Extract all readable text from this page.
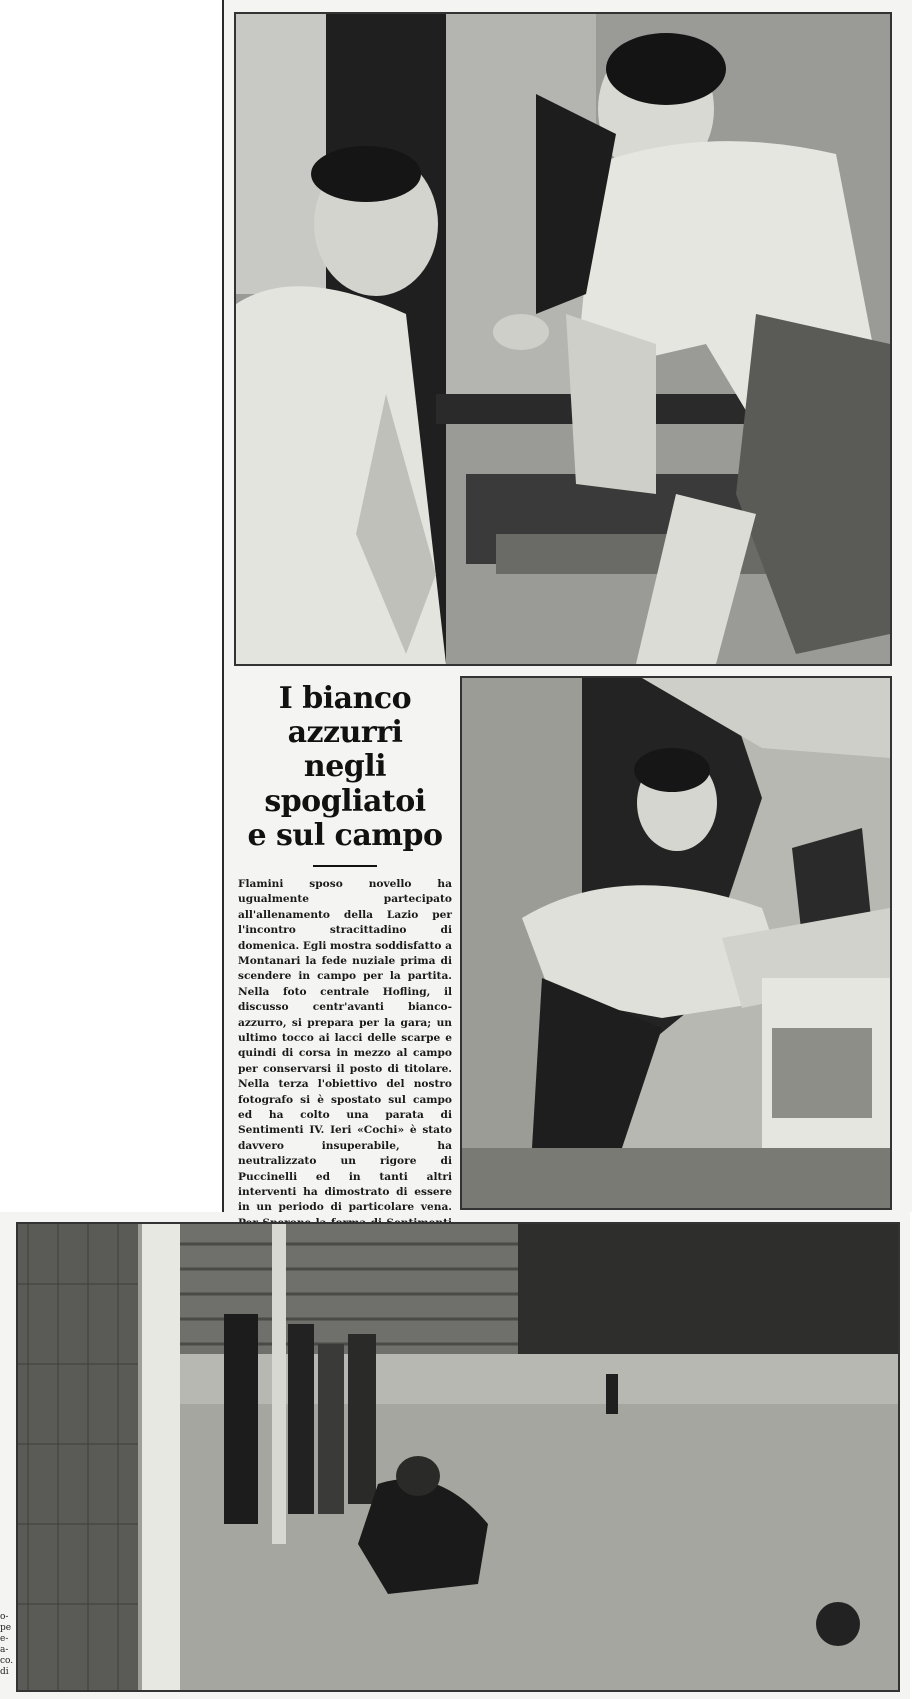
I bianco azzurri
negli spogliatoi
e sul campo

Flamini sposo novello ha ugualmente partecipato all'allenamento della Lazio per l'incontro stracittadino di domenica. Egli mostra soddisfatto a Montanari la fede nuziale prima di scendere in campo per la partita. Nella foto centrale Hofling, il discusso centr'avanti bianco-azzurro, si prepara per la gara; un ultimo tocco ai lacci delle scarpe e quindi di corsa in mezzo al campo per conservarsi il posto di titolare. Nella terza l'obiettivo del nostro fotografo si è spostato sul campo ed ha colto una parata di Sentimenti IV. Ieri «Cochi» è stato davvero insuperabile, ha neutralizzato un rigore di Puccinelli ed in tanti altri interventi ha dimostrato di essere in un periodo di particolare vena.

o-
pe
e-
a-
co.
di
